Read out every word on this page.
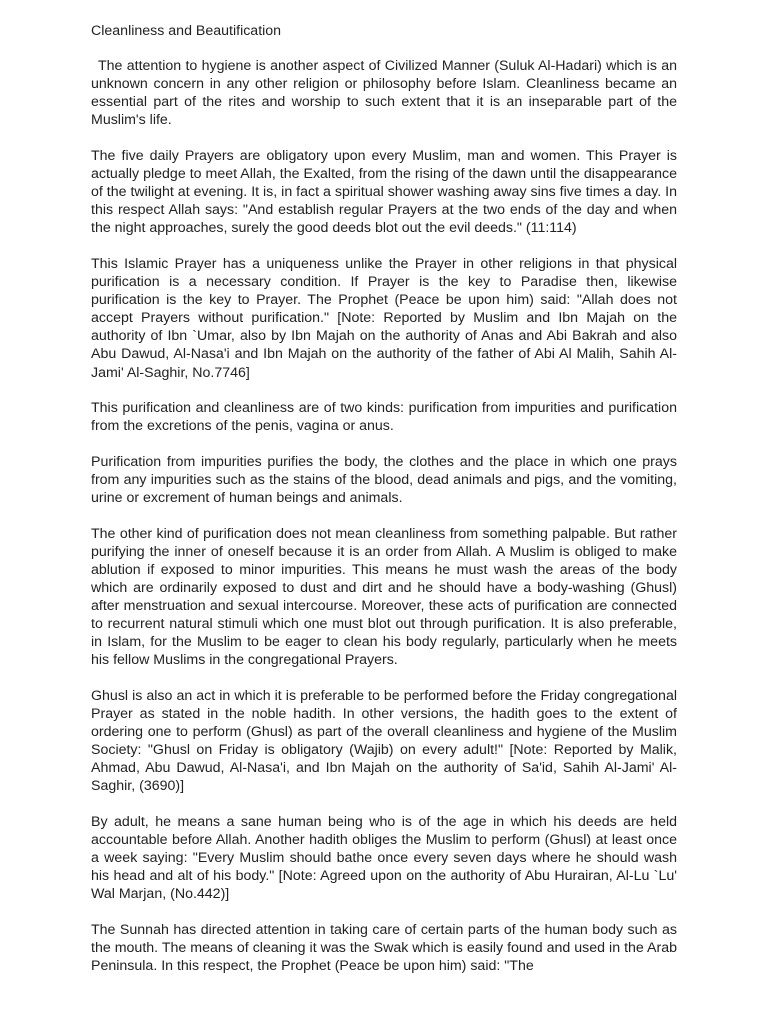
Cleanliness and Beautification

The attention to hygiene is another aspect of Civilized Manner (Suluk Al-Hadari) which is an unknown concern in any other religion or philosophy before Islam. Cleanliness became an essential part of the rites and worship to such extent that it is an inseparable part of the Muslim's life.

The five daily Prayers are obligatory upon every Muslim, man and women. This Prayer is actually pledge to meet Allah, the Exalted, from the rising of the dawn until the disappearance of the twilight at evening. It is, in fact a spiritual shower washing away sins five times a day. In this respect Allah says: "And establish regular Prayers at the two ends of the day and when the night approaches, surely the good deeds blot out the evil deeds." (11:114)

This Islamic Prayer has a uniqueness unlike the Prayer in other religions in that physical purification is a necessary condition. If Prayer is the key to Paradise then, likewise purification is the key to Prayer. The Prophet (Peace be upon him) said: "Allah does not accept Prayers without purification." [Note: Reported by Muslim and Ibn Majah on the authority of Ibn `Umar, also by Ibn Majah on the authority of Anas and Abi Bakrah and also Abu Dawud, Al-Nasa'i and Ibn Majah on the authority of the father of Abi Al Malih, Sahih Al- Jami' Al-Saghir, No.7746]

This purification and cleanliness are of two kinds: purification from impurities and purification from the excretions of the penis, vagina or anus.

Purification from impurities purifies the body, the clothes and the place in which one prays from any impurities such as the stains of the blood, dead animals and pigs, and the vomiting, urine or excrement of human beings and animals.

The other kind of purification does not mean cleanliness from something palpable. But rather purifying the inner of oneself because it is an order from Allah. A Muslim is obliged to make ablution if exposed to minor impurities. This means he must wash the areas of the body which are ordinarily exposed to dust and dirt and he should have a body-washing (Ghusl) after menstruation and sexual intercourse. Moreover, these acts of purification are connected to recurrent natural stimuli which one must blot out through purification. It is also preferable, in Islam, for the Muslim to be eager to clean his body regularly, particularly when he meets his fellow Muslims in the congregational Prayers.

Ghusl is also an act in which it is preferable to be performed before the Friday congregational Prayer as stated in the noble hadith. In other versions, the hadith goes to the extent of ordering one to perform (Ghusl) as part of the overall cleanliness and hygiene of the Muslim Society: "Ghusl on Friday is obligatory (Wajib) on every adult!" [Note: Reported by Malik, Ahmad, Abu Dawud, Al-Nasa'i, and Ibn Majah on the authority of Sa'id, Sahih Al-Jami' Al-Saghir, (3690)]

By adult, he means a sane human being who is of the age in which his deeds are held accountable before Allah. Another hadith obliges the Muslim to perform (Ghusl) at least once a week saying: "Every Muslim should bathe once every seven days where he should wash his head and alt of his body." [Note: Agreed upon on the authority of Abu Hurairan, Al-Lu `Lu' Wal Marjan, (No.442)]

The Sunnah has directed attention in taking care of certain parts of the human body such as the mouth. The means of cleaning it was the Swak which is easily found and used in the Arab Peninsula. In this respect, the Prophet (Peace be upon him) said: "The
